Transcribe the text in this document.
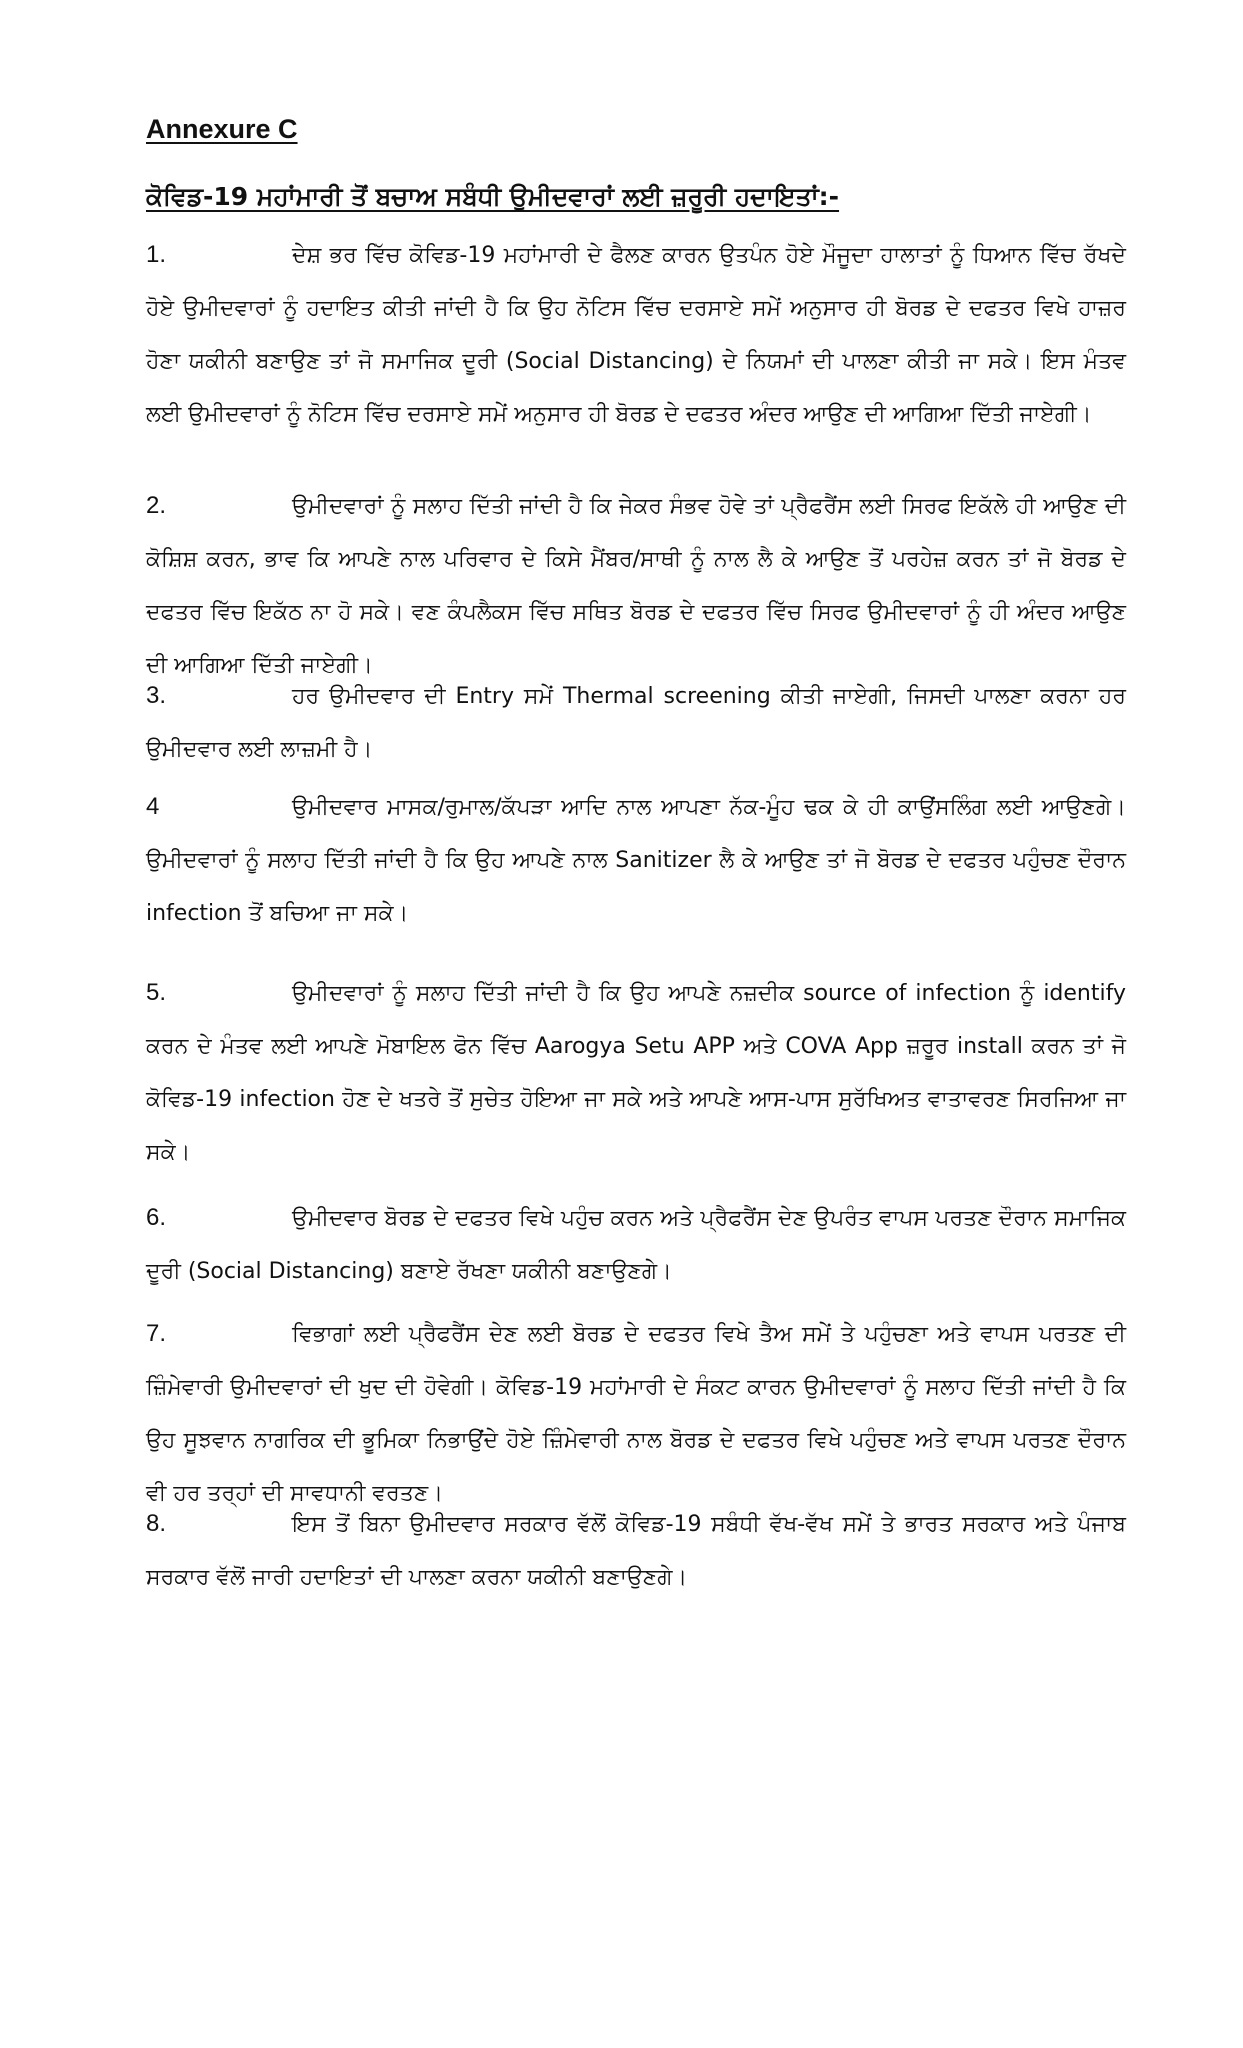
Annexure C
ਕੋਵਿਡ-19 ਮਹਾਂਮਾਰੀ ਤੋਂ ਬਚਾਅ ਸਬੰਧੀ ਉਮੀਦਵਾਰਾਂ ਲਈ ਜ਼ਰੂਰੀ ਹਦਾਇਤਾਂ:-

1.	ਦੇਸ਼ ਭਰ ਵਿੱਚ ਕੋਵਿਡ-19 ਮਹਾਂਮਾਰੀ ਦੇ ਫੈਲਣ ਕਾਰਨ ਉਤਪੰਨ ਹੋਏ ਮੌਜੂਦਾ ਹਾਲਾਤਾਂ ਨੂੰ ਧਿਆਨ ਵਿੱਚ ਰੱਖਦੇ ਹੋਏ ਉਮੀਦਵਾਰਾਂ ਨੂੰ ਹਦਾਇਤ ਕੀਤੀ ਜਾਂਦੀ ਹੈ ਕਿ ਉਹ ਨੋਟਿਸ ਵਿੱਚ ਦਰਸਾਏ ਸਮੇਂ ਅਨੁਸਾਰ ਹੀ ਬੋਰਡ ਦੇ ਦਫਤਰ ਵਿਖੇ ਹਾਜ਼ਰ ਹੋਣਾ ਯਕੀਨੀ ਬਣਾਉਣ ਤਾਂ ਜੋ ਸਮਾਜਿਕ ਦੂਰੀ (Social Distancing) ਦੇ ਨਿਯਮਾਂ ਦੀ ਪਾਲਣਾ ਕੀਤੀ ਜਾ ਸਕੇ। ਇਸ ਮੰਤਵ ਲਈ ਉਮੀਦਵਾਰਾਂ ਨੂੰ ਨੋਟਿਸ ਵਿੱਚ ਦਰਸਾਏ ਸਮੇਂ ਅਨੁਸਾਰ ਹੀ ਬੋਰਡ ਦੇ ਦਫਤਰ ਅੰਦਰ ਆਉਣ ਦੀ ਆਗਿਆ ਦਿੱਤੀ ਜਾਏਗੀ।

2.	ਉਮੀਦਵਾਰਾਂ ਨੂੰ ਸਲਾਹ ਦਿੱਤੀ ਜਾਂਦੀ ਹੈ ਕਿ ਜੇਕਰ ਸੰਭਵ ਹੋਵੇ ਤਾਂ ਪ੍ਰੈਫਰੈਂਸ ਲਈ ਸਿਰਫ ਇਕੱਲੇ ਹੀ ਆਉਣ ਦੀ ਕੋਸ਼ਿਸ਼ ਕਰਨ, ਭਾਵ ਕਿ ਆਪਣੇ ਨਾਲ ਪਰਿਵਾਰ ਦੇ ਕਿਸੇ ਮੈਂਬਰ/ਸਾਥੀ ਨੂੰ ਨਾਲ ਲੈ ਕੇ ਆਉਣ ਤੋਂ ਪਰਹੇਜ਼ ਕਰਨ ਤਾਂ ਜੋ ਬੋਰਡ ਦੇ ਦਫਤਰ ਵਿੱਚ ਇਕੱਠ ਨਾ ਹੋ ਸਕੇ। ਵਣ ਕੰਪਲੈਕਸ ਵਿੱਚ ਸਥਿਤ ਬੋਰਡ ਦੇ ਦਫਤਰ ਵਿੱਚ ਸਿਰਫ ਉਮੀਦਵਾਰਾਂ ਨੂੰ ਹੀ ਅੰਦਰ ਆਉਣ ਦੀ ਆਗਿਆ ਦਿੱਤੀ ਜਾਏਗੀ।

3.	ਹਰ ਉਮੀਦਵਾਰ ਦੀ Entry ਸਮੇਂ Thermal screening ਕੀਤੀ ਜਾਏਗੀ, ਜਿਸਦੀ ਪਾਲਣਾ ਕਰਨਾ ਹਰ ਉਮੀਦਵਾਰ ਲਈ ਲਾਜ਼ਮੀ ਹੈ।

4	ਉਮੀਦਵਾਰ ਮਾਸਕ/ਰੁਮਾਲ/ਕੱਪੜਾ ਆਦਿ ਨਾਲ ਆਪਣਾ ਨੱਕ-ਮੂੰਹ ਢਕ ਕੇ ਹੀ ਕਾਉਂਸਲਿੰਗ ਲਈ ਆਉਣਗੇ। ਉਮੀਦਵਾਰਾਂ ਨੂੰ ਸਲਾਹ ਦਿੱਤੀ ਜਾਂਦੀ ਹੈ ਕਿ ਉਹ ਆਪਣੇ ਨਾਲ Sanitizer ਲੈ ਕੇ ਆਉਣ ਤਾਂ ਜੋ ਬੋਰਡ ਦੇ ਦਫਤਰ ਪਹੁੰਚਣ ਦੌਰਾਨ infection ਤੋਂ ਬਚਿਆ ਜਾ ਸਕੇ।

5.	ਉਮੀਦਵਾਰਾਂ ਨੂੰ ਸਲਾਹ ਦਿੱਤੀ ਜਾਂਦੀ ਹੈ ਕਿ ਉਹ ਆਪਣੇ ਨਜ਼ਦੀਕ source of infection ਨੂੰ identify ਕਰਨ ਦੇ ਮੰਤਵ ਲਈ ਆਪਣੇ ਮੋਬਾਇਲ ਫੋਨ ਵਿੱਚ Aarogya Setu APP ਅਤੇ COVA App ਜ਼ਰੂਰ install ਕਰਨ ਤਾਂ ਜੋ ਕੋਵਿਡ-19 infection ਹੋਣ ਦੇ ਖਤਰੇ ਤੋਂ ਸੁਚੇਤ ਹੋਇਆ ਜਾ ਸਕੇ ਅਤੇ ਆਪਣੇ ਆਸ-ਪਾਸ ਸੁਰੱਖਿਅਤ ਵਾਤਾਵਰਣ ਸਿਰਜਿਆ ਜਾ ਸਕੇ।

6.	ਉਮੀਦਵਾਰ ਬੋਰਡ ਦੇ ਦਫਤਰ ਵਿਖੇ ਪਹੁੰਚ ਕਰਨ ਅਤੇ ਪ੍ਰੈਫਰੈਂਸ ਦੇਣ ਉਪਰੰਤ ਵਾਪਸ ਪਰਤਣ ਦੌਰਾਨ ਸਮਾਜਿਕ ਦੂਰੀ (Social Distancing) ਬਣਾਏ ਰੱਖਣਾ ਯਕੀਨੀ ਬਣਾਉਣਗੇ।

7.	ਵਿਭਾਗਾਂ ਲਈ ਪ੍ਰੈਫਰੈਂਸ ਦੇਣ ਲਈ ਬੋਰਡ ਦੇ ਦਫਤਰ ਵਿਖੇ ਤੈਅ ਸਮੇਂ ਤੇ ਪਹੁੰਚਣਾ ਅਤੇ ਵਾਪਸ ਪਰਤਣ ਦੀ ਜ਼ਿੰਮੇਵਾਰੀ ਉਮੀਦਵਾਰਾਂ ਦੀ ਖੁਦ ਦੀ ਹੋਵੇਗੀ। ਕੋਵਿਡ-19 ਮਹਾਂਮਾਰੀ ਦੇ ਸੰਕਟ ਕਾਰਨ ਉਮੀਦਵਾਰਾਂ ਨੂੰ ਸਲਾਹ ਦਿੱਤੀ ਜਾਂਦੀ ਹੈ ਕਿ ਉਹ ਸੂਝਵਾਨ ਨਾਗਰਿਕ ਦੀ ਭੂਮਿਕਾ ਨਿਭਾਉਂਦੇ ਹੋਏ ਜ਼ਿੰਮੇਵਾਰੀ ਨਾਲ ਬੋਰਡ ਦੇ ਦਫਤਰ ਵਿਖੇ ਪਹੁੰਚਣ ਅਤੇ ਵਾਪਸ ਪਰਤਣ ਦੌਰਾਨ ਵੀ ਹਰ ਤਰ੍ਹਾਂ ਦੀ ਸਾਵਧਾਨੀ ਵਰਤਣ।

8.	ਇਸ ਤੋਂ ਬਿਨਾ ਉਮੀਦਵਾਰ ਸਰਕਾਰ ਵੱਲੋਂ ਕੋਵਿਡ-19 ਸਬੰਧੀ ਵੱਖ-ਵੱਖ ਸਮੇਂ ਤੇ ਭਾਰਤ ਸਰਕਾਰ ਅਤੇ ਪੰਜਾਬ ਸਰਕਾਰ ਵੱਲੋਂ ਜਾਰੀ ਹਦਾਇਤਾਂ ਦੀ ਪਾਲਣਾ ਕਰਨਾ ਯਕੀਨੀ ਬਣਾਉਣਗੇ।
